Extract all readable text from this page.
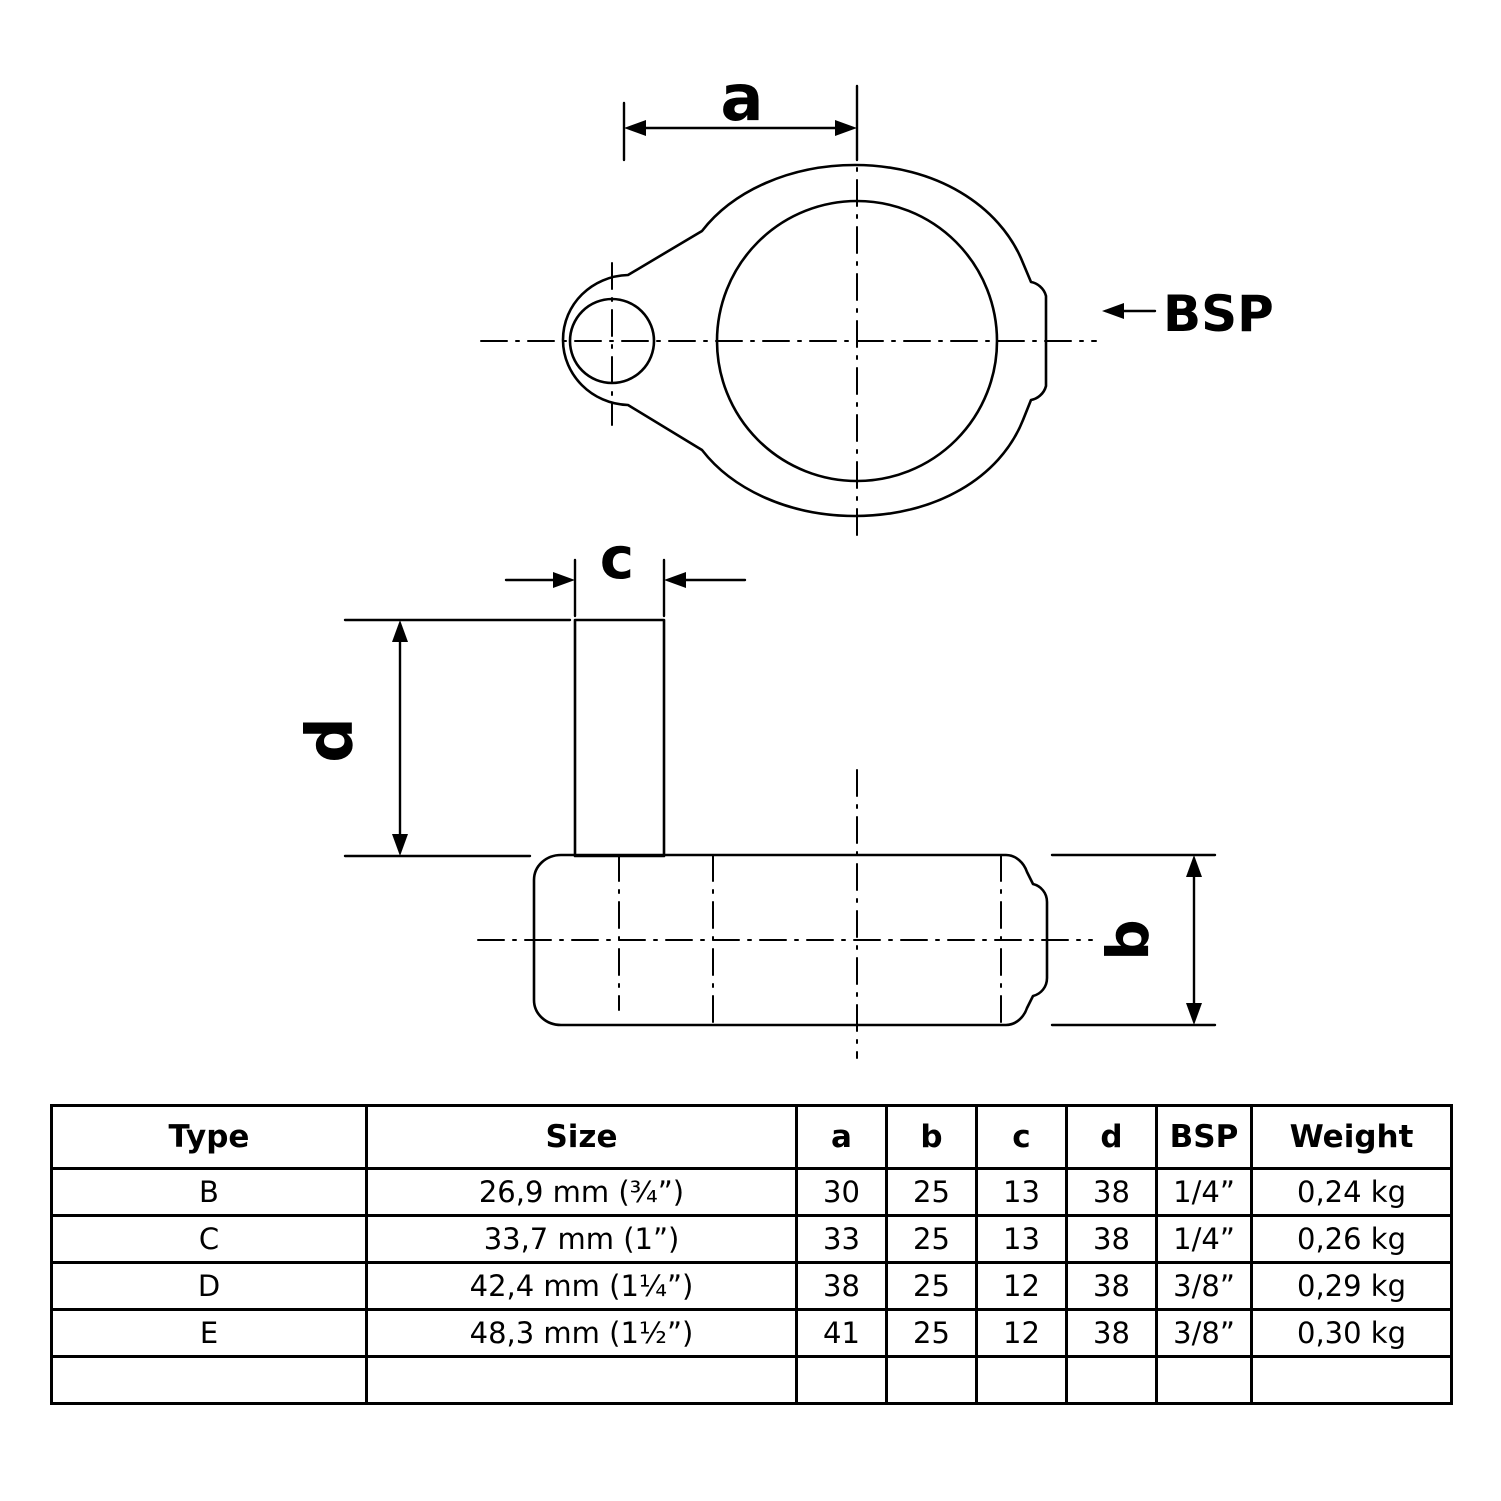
a
BSP
c
d
b
Type	Size	a	b	c	d	BSP	Weight
B	26,9 mm (¾”)	30	25	13	38	1/4”	0,24 kg
C	33,7 mm (1”)	33	25	13	38	1/4”	0,26 kg
D	42,4 mm (1¼”)	38	25	12	38	3/8”	0,29 kg
E	48,3 mm (1½”)	41	25	12	38	3/8”	0,30 kg
